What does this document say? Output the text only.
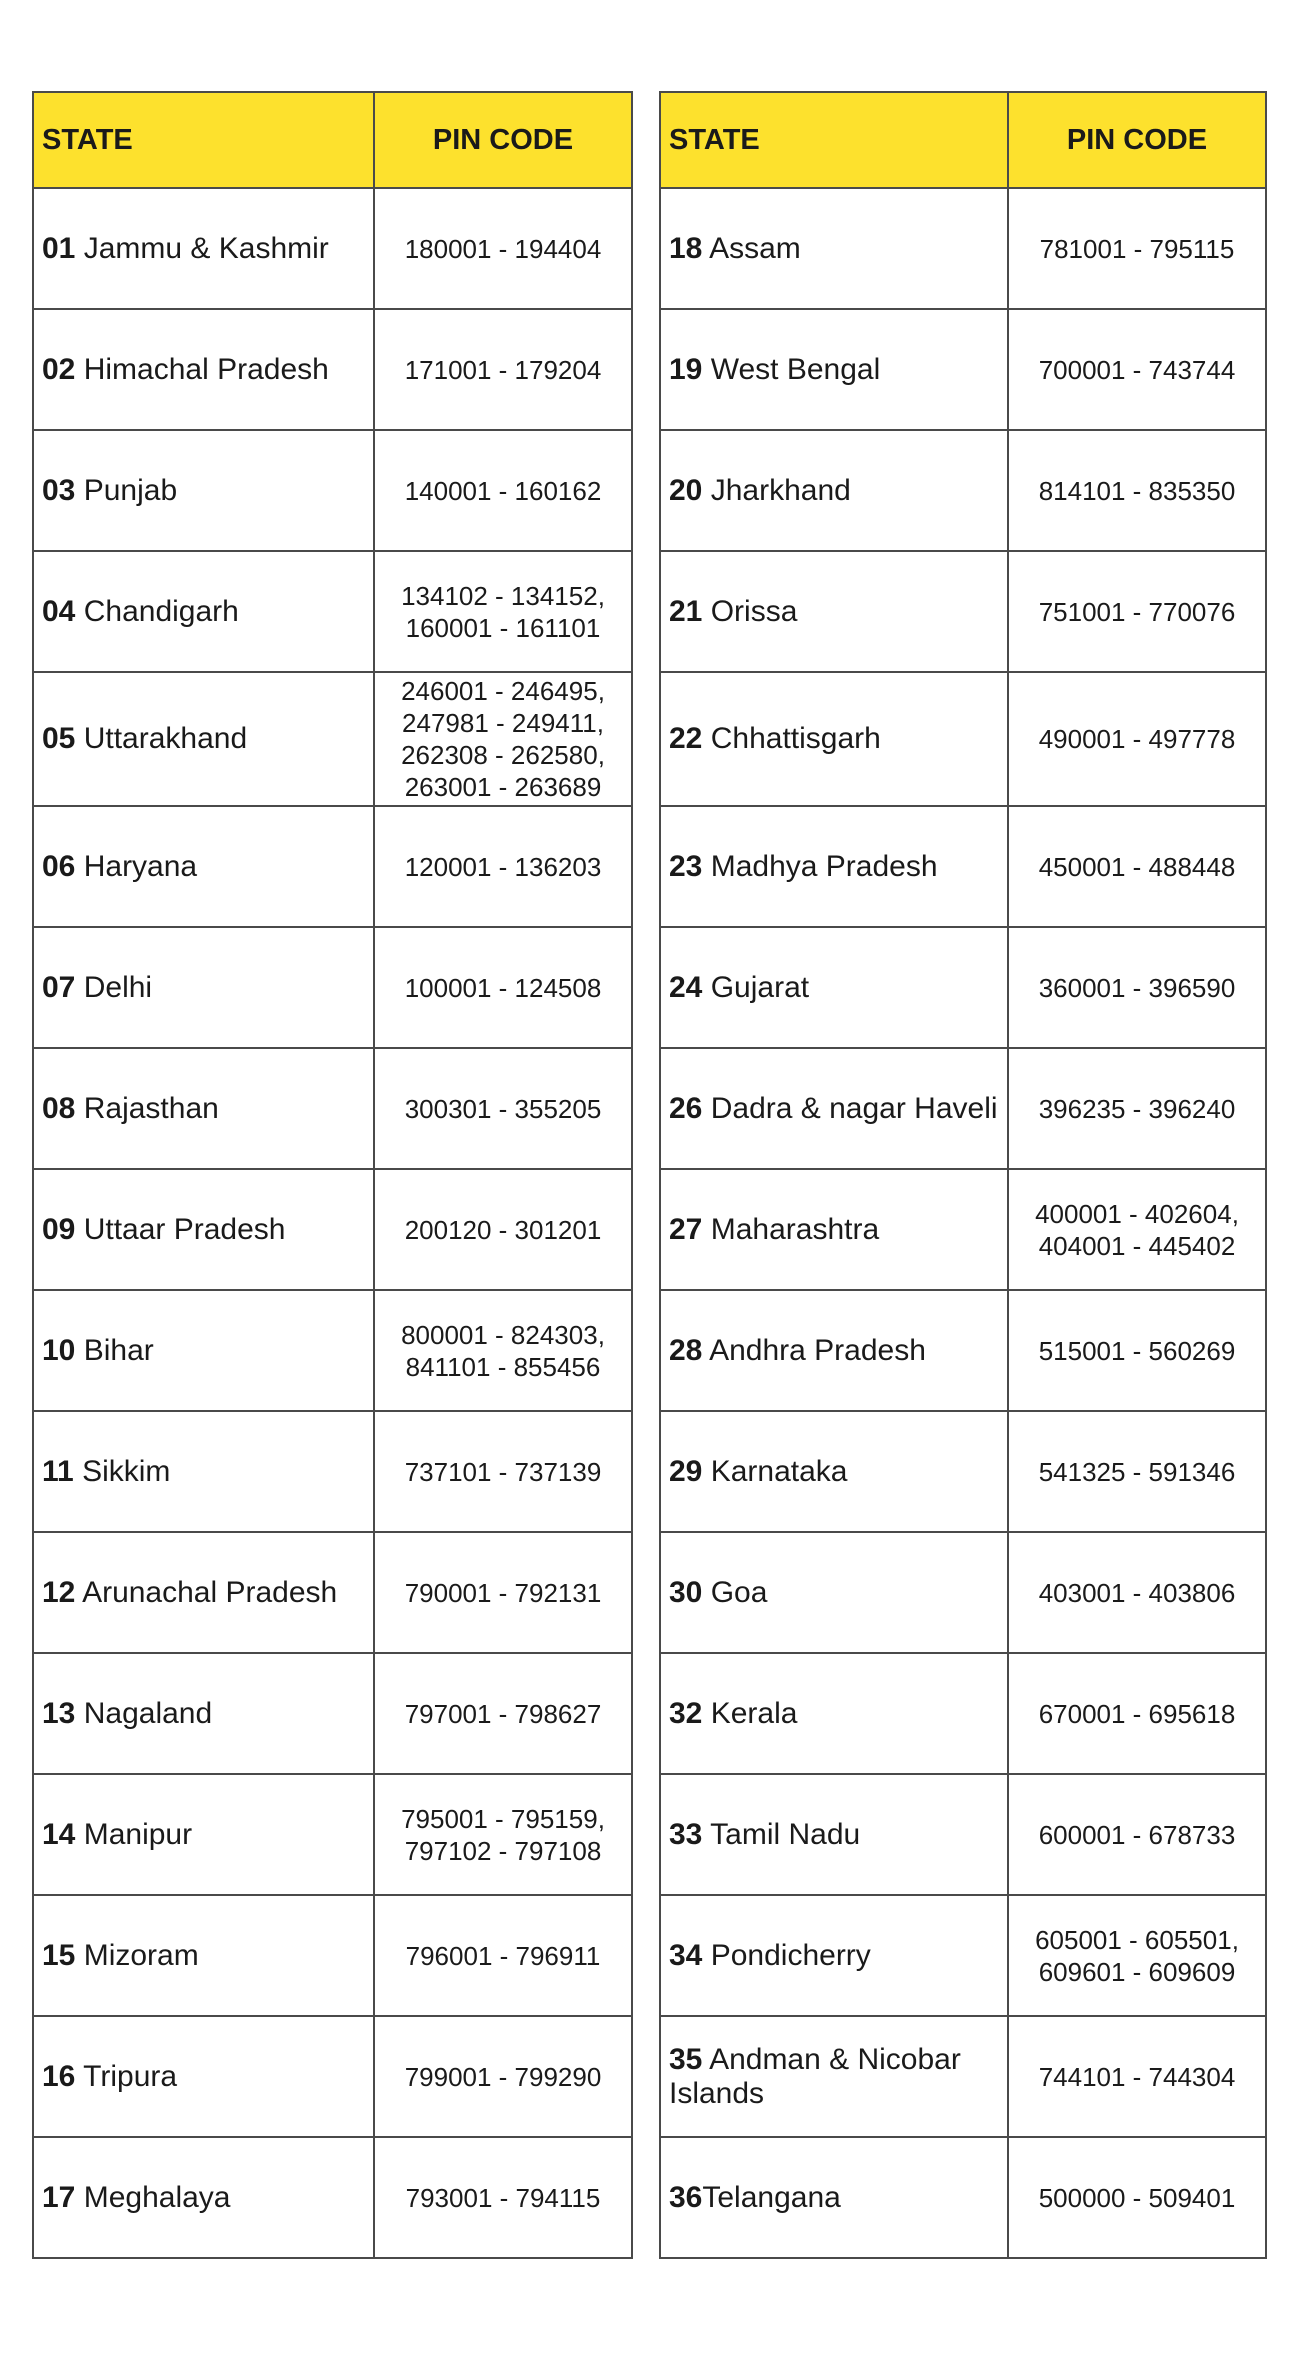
STATE	PIN CODE
01 Jammu & Kashmir	180001 - 194404

02 Himachal Pradesh	171001 - 179204

03 Punjab	140001 - 160162

04 Chandigarh	134102 - 134152,
160001 - 161101

05 Uttarakhand	246001 - 246495,
247981 - 249411,
262308 - 262580,
263001 - 263689

06 Haryana	120001 - 136203

07 Delhi	100001 - 124508

08 Rajasthan	300301 - 355205

09 Uttaar Pradesh	200120 - 301201

10 Bihar	800001 - 824303,
841101 - 855456

11 Sikkim	737101 - 737139

12 Arunachal Pradesh	790001 - 792131

13 Nagaland	797001 - 798627

14 Manipur	795001 - 795159,
797102 - 797108

15 Mizoram	796001 - 796911

16 Tripura	799001 - 799290

17 Meghalaya	793001 - 794115
STATE	PIN CODE
18 Assam	781001 - 795115

19 West Bengal	700001 - 743744

20 Jharkhand	814101 - 835350

21 Orissa	751001 - 770076

22 Chhattisgarh	490001 - 497778

23 Madhya Pradesh	450001 - 488448

24 Gujarat	360001 - 396590

26 Dadra & nagar Haveli	396235 - 396240

27 Maharashtra	400001 - 402604,
404001 - 445402

28 Andhra Pradesh	515001 - 560269

29 Karnataka	541325 - 591346

30 Goa	403001 - 403806

32 Kerala	670001 - 695618

33 Tamil Nadu	600001 - 678733

34 Pondicherry	605001 - 605501,
609601 - 609609

35 Andman & Nicobar Islands	744101 - 744304

36Telangana	500000 - 509401
